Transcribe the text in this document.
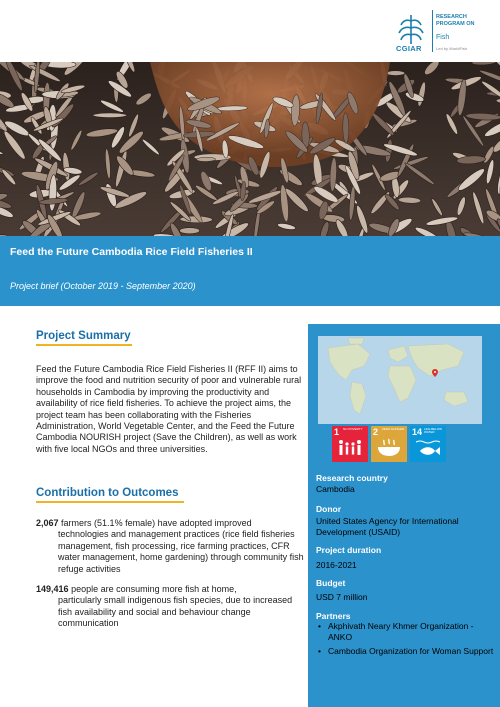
CGIAR
RESEARCH
PROGRAM ON
Fish
Led by WorldFish
Feed the Future Cambodia Rice Field Fisheries II
Project brief (October 2019 - September 2020)
Project Summary
Feed the Future Cambodia Rice Field Fisheries II (RFF II) aims to improve the food and nutrition security of poor and vulnerable rural households in Cambodia by improving the productivity and availability of rice field fisheries. To achieve the project aims, the project team has been collaborating with the Fisheries Administration, World Vegetable Center, and the Feed the Future Cambodia NOURISH project (Save the Children), as well as work with five local NGOs and three universities.
Contribution to Outcomes
2,067 farmers (51.1% female) have adopted improved
technologies and management practices (rice field fisheries management, fish processing, rice farming practices, CFR water management, home gardening) through community fish refuge activities
149,416 people are consuming more fish at home,
particularly small indigenous fish species, due to increased fish availability and social and behaviour change communication
1 NO POVERTY	2 ZERO HUNGER 14 LIFE BELOW WATER
Research country
Cambodia
Donor
United States Agency for International Development (USAID)
Project duration
2016-2021
Budget
USD 7 million
Partners
• Akphivath Neary Khmer Organization - ANKO
• Cambodia Organization for Woman Support
